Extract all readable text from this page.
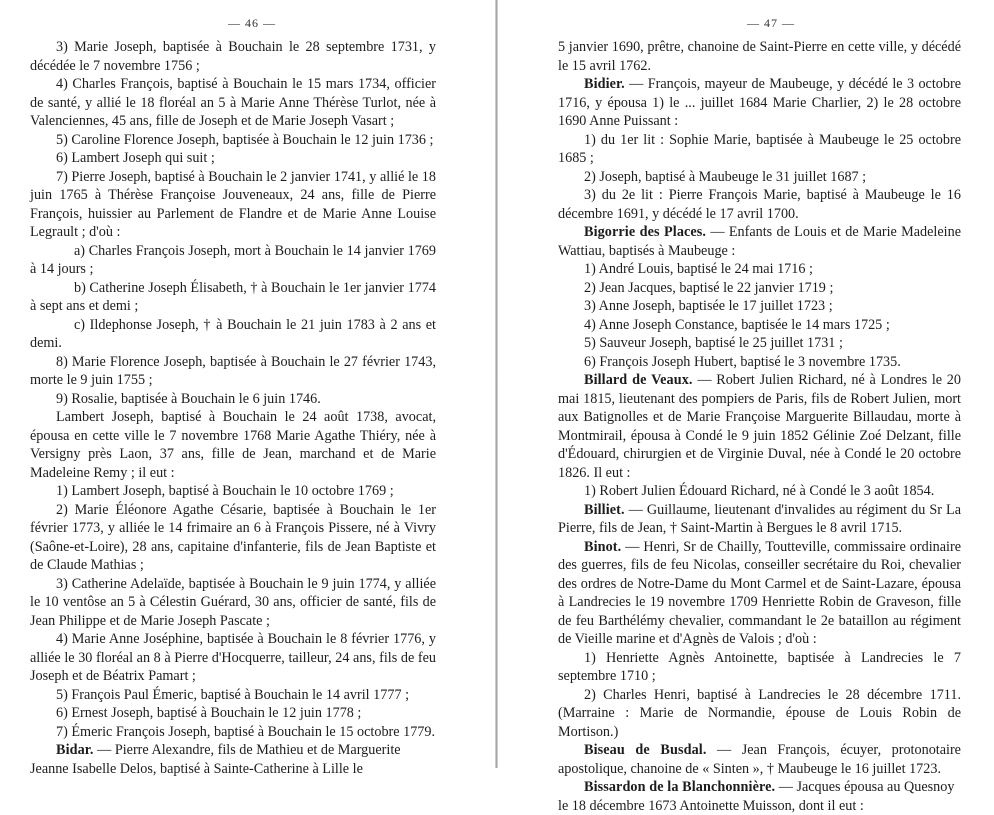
— 46 —

3) Marie Joseph, baptisée à Bouchain le 28 septembre 1731, y décédée le 7 novembre 1756 ;

4) Charles François, baptisé à Bouchain le 15 mars 1734, officier de santé, y allié le 18 floréal an 5 à Marie Anne Thérèse Turlot, née à Valenciennes, 45 ans, fille de Joseph et de Marie Joseph Vasart ;

5) Caroline Florence Joseph, baptisée à Bouchain le 12 juin 1736 ;

6) Lambert Joseph qui suit ;

7) Pierre Joseph, baptisé à Bouchain le 2 janvier 1741, y allié le 18 juin 1765 à Thérèse Françoise Jouveneaux, 24 ans, fille de Pierre François, huissier au Parlement de Flandre et de Marie Anne Louise Legrault ; d'où :

a) Charles François Joseph, mort à Bouchain le 14 janvier 1769 à 14 jours ;

b) Catherine Joseph Élisabeth, † à Bouchain le 1er janvier 1774 à sept ans et demi ;

c) Ildephonse Joseph, † à Bouchain le 21 juin 1783 à 2 ans et demi.

8) Marie Florence Joseph, baptisée à Bouchain le 27 février 1743, morte le 9 juin 1755 ;

9) Rosalie, baptisée à Bouchain le 6 juin 1746.

Lambert Joseph, baptisé à Bouchain le 24 août 1738, avocat, épousa en cette ville le 7 novembre 1768 Marie Agathe Thiéry, née à Versigny près Laon, 37 ans, fille de Jean, marchand et de Marie Madeleine Remy ; il eut :

1) Lambert Joseph, baptisé à Bouchain le 10 octobre 1769 ;

2) Marie Éléonore Agathe Césarie, baptisée à Bouchain le 1er février 1773, y alliée le 14 frimaire an 6 à François Pissere, né à Vivry (Saône-et-Loire), 28 ans, capitaine d'infanterie, fils de Jean Baptiste et de Claude Mathias ;

3) Catherine Adelaïde, baptisée à Bouchain le 9 juin 1774, y alliée le 10 ventôse an 5 à Célestin Guérard, 30 ans, officier de santé, fils de Jean Philippe et de Marie Joseph Pascate ;

4) Marie Anne Joséphine, baptisée à Bouchain le 8 février 1776, y alliée le 30 floréal an 8 à Pierre d'Hocquerre, tailleur, 24 ans, fils de feu Joseph et de Béatrix Pamart ;

5) François Paul Émeric, baptisé à Bouchain le 14 avril 1777 ;

6) Ernest Joseph, baptisé à Bouchain le 12 juin 1778 ;

7) Émeric François Joseph, baptisé à Bouchain le 15 octobre 1779.

Bidar. — Pierre Alexandre, fils de Mathieu et de Marguerite Jeanne Isabelle Delos, baptisé à Sainte-Catherine à Lille le

— 47 —

5 janvier 1690, prêtre, chanoine de Saint-Pierre en cette ville, y décédé le 15 avril 1762.

Bidier. — François, mayeur de Maubeuge, y décédé le 3 octobre 1716, y épousa 1) le ... juillet 1684 Marie Charlier, 2) le 28 octobre 1690 Anne Puissant :

1) du 1er lit : Sophie Marie, baptisée à Maubeuge le 25 octobre 1685 ;

2) Joseph, baptisé à Maubeuge le 31 juillet 1687 ;

3) du 2e lit : Pierre François Marie, baptisé à Maubeuge le 16 décembre 1691, y décédé le 17 avril 1700.

Bigorrie des Places. — Enfants de Louis et de Marie Madeleine Wattiau, baptisés à Maubeuge :

1) André Louis, baptisé le 24 mai 1716 ;

2) Jean Jacques, baptisé le 22 janvier 1719 ;

3) Anne Joseph, baptisée le 17 juillet 1723 ;

4) Anne Joseph Constance, baptisée le 14 mars 1725 ;

5) Sauveur Joseph, baptisé le 25 juillet 1731 ;

6) François Joseph Hubert, baptisé le 3 novembre 1735.

Billard de Veaux. — Robert Julien Richard, né à Londres le 20 mai 1815, lieutenant des pompiers de Paris, fils de Robert Julien, mort aux Batignolles et de Marie Françoise Marguerite Billaudau, morte à Montmirail, épousa à Condé le 9 juin 1852 Gélinie Zoé Delzant, fille d'Édouard, chirurgien et de Virginie Duval, née à Condé le 20 octobre 1826. Il eut :

1) Robert Julien Édouard Richard, né à Condé le 3 août 1854.

Billiet. — Guillaume, lieutenant d'invalides au régiment du Sr La Pierre, fils de Jean, † Saint-Martin à Bergues le 8 avril 1715.

Binot. — Henri, Sr de Chailly, Toutteville, commissaire ordinaire des guerres, fils de feu Nicolas, conseiller secrétaire du Roi, chevalier des ordres de Notre-Dame du Mont Carmel et de Saint-Lazare, épousa à Landrecies le 19 novembre 1709 Henriette Robin de Graveson, fille de feu Barthélémy chevalier, commandant le 2e bataillon au régiment de Vieille marine et d'Agnès de Valois ; d'où :

1) Henriette Agnès Antoinette, baptisée à Landrecies le 7 septembre 1710 ;

2) Charles Henri, baptisé à Landrecies le 28 décembre 1711. (Marraine : Marie de Normandie, épouse de Louis Robin de Mortison.)

Biseau de Busdal. — Jean François, écuyer, protonotaire apostolique, chanoine de « Sinten », † Maubeuge le 16 juillet 1723.

Bissardon de la Blanchonnière. — Jacques épousa au Quesnoy le 18 décembre 1673 Antoinette Muisson, dont il eut :
